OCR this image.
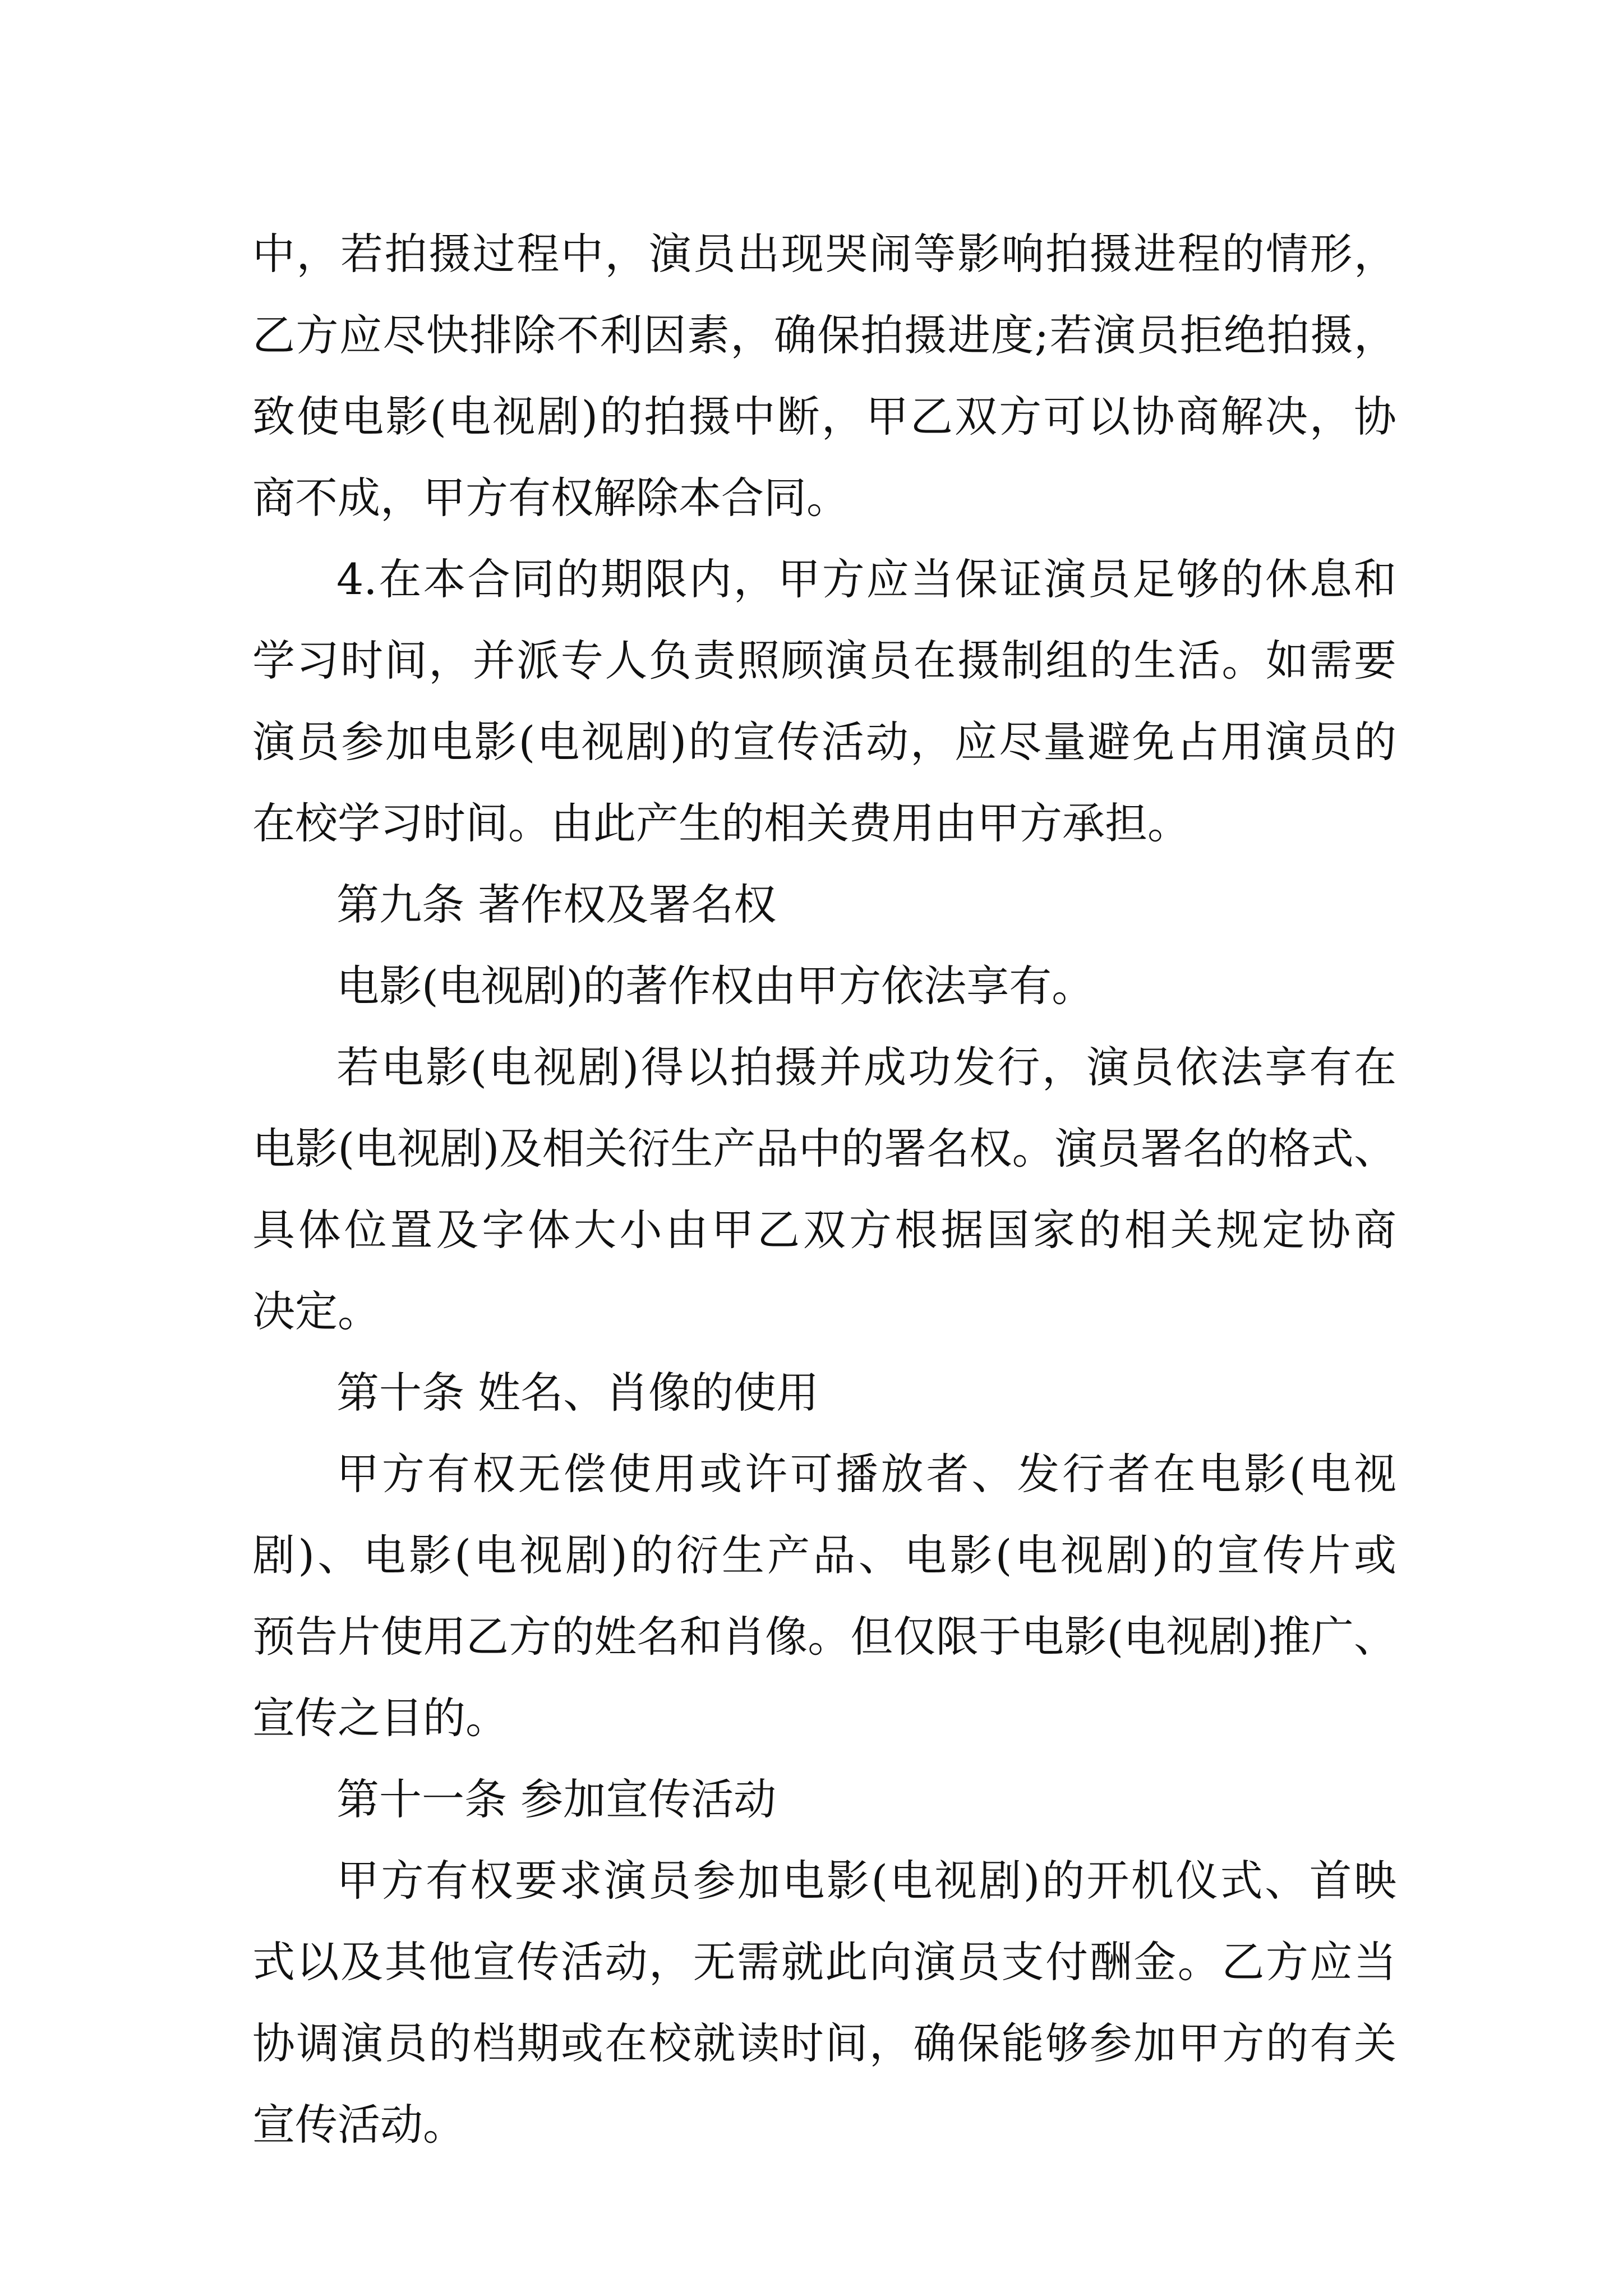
中，若拍摄过程中，演员出现哭闹等影响拍摄进程的情形，
乙方应尽快排除不利因素，确保拍摄进度;若演员拒绝拍摄，
致使电影(电视剧)的拍摄中断，甲乙双方可以协商解决，协
商不成，甲方有权解除本合同。
4.在本合同的期限内，甲方应当保证演员足够的休息和
学习时间，并派专人负责照顾演员在摄制组的生活。如需要
演员参加电影(电视剧)的宣传活动，应尽量避免占用演员的
在校学习时间。由此产生的相关费用由甲方承担。
第九条 著作权及署名权
电影(电视剧)的著作权由甲方依法享有。
若电影(电视剧)得以拍摄并成功发行，演员依法享有在
电影(电视剧)及相关衍生产品中的署名权。演员署名的格式、
具体位置及字体大小由甲乙双方根据国家的相关规定协商
决定。
第十条 姓名、肖像的使用
甲方有权无偿使用或许可播放者、发行者在电影(电视
剧)、电影(电视剧)的衍生产品、电影(电视剧)的宣传片或
预告片使用乙方的姓名和肖像。但仅限于电影(电视剧)推广、
宣传之目的。
第十一条 参加宣传活动
甲方有权要求演员参加电影(电视剧)的开机仪式、首映
式以及其他宣传活动，无需就此向演员支付酬金。乙方应当
协调演员的档期或在校就读时间，确保能够参加甲方的有关
宣传活动。
